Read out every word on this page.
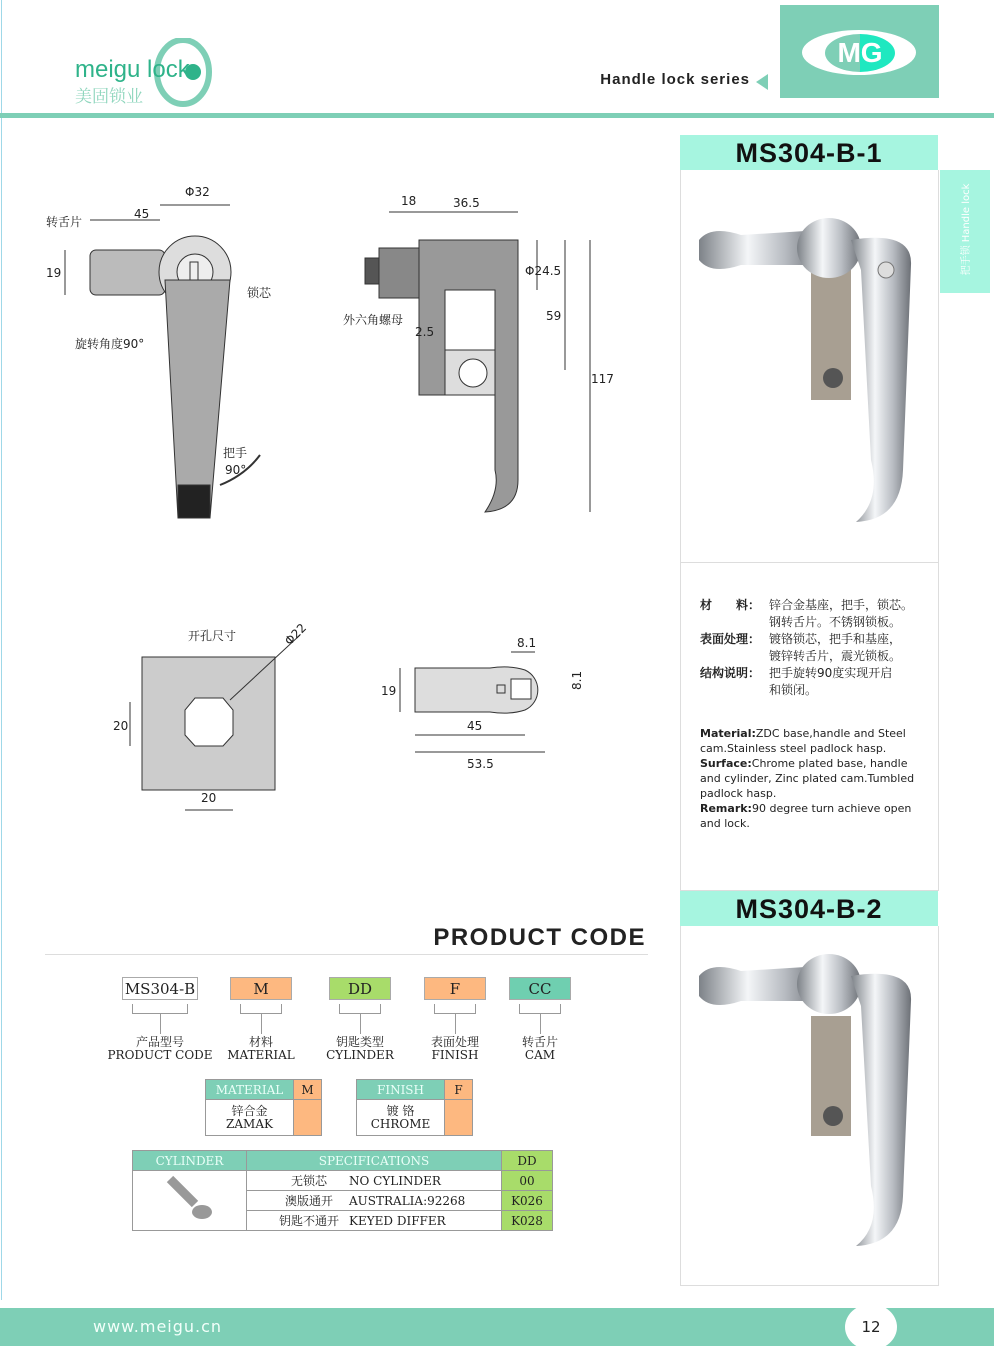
meigu lock
美固锁业
Handle lock series
MG
把手锁 Handle lock
MS304-B-1
材　　料： 锌合金基座，把手，锁芯。
钢转舌片。不锈钢锁板。
表面处理： 镀铬锁芯，把手和基座，
镀锌转舌片，震光锁板。
结构说明： 把手旋转90度实现开启
和锁闭。
Material:ZDC base,handle and Steel cam.Stainless steel padlock hasp.
Surface:Chrome plated base, handle and cylinder, Zinc plated cam.Tumbled padlock hasp.
Remark:90 degree turn achieve open and lock.
MS304-B-2
Φ32
45
19
转舌片
锁芯
旋转角度90°
把手
90°
18	36.5
Φ24.5
59
117
2.5
外六角螺母
开孔尺寸	Φ22
20
20
8.1
8.1
19
45
53.5
PRODUCT CODE
MS304-B
产品型号
PRODUCT CODE
M
材料
MATERIAL
DD
钥匙类型
CYLINDER
F
表面处理
FINISH
CC
转舌片
CAM
MATERIAL	M
锌合金
ZAMAK	
FINISH	F
镀 铬
CHROME	
CYLINDER	SPECIFICATIONS	DD
	无锁芯 NO CYLINDER	00
	澳版通开 AUSTRALIA:92268	K026
	钥匙不通开 KEYED DIFFER	K028
www.meigu.cn	12
